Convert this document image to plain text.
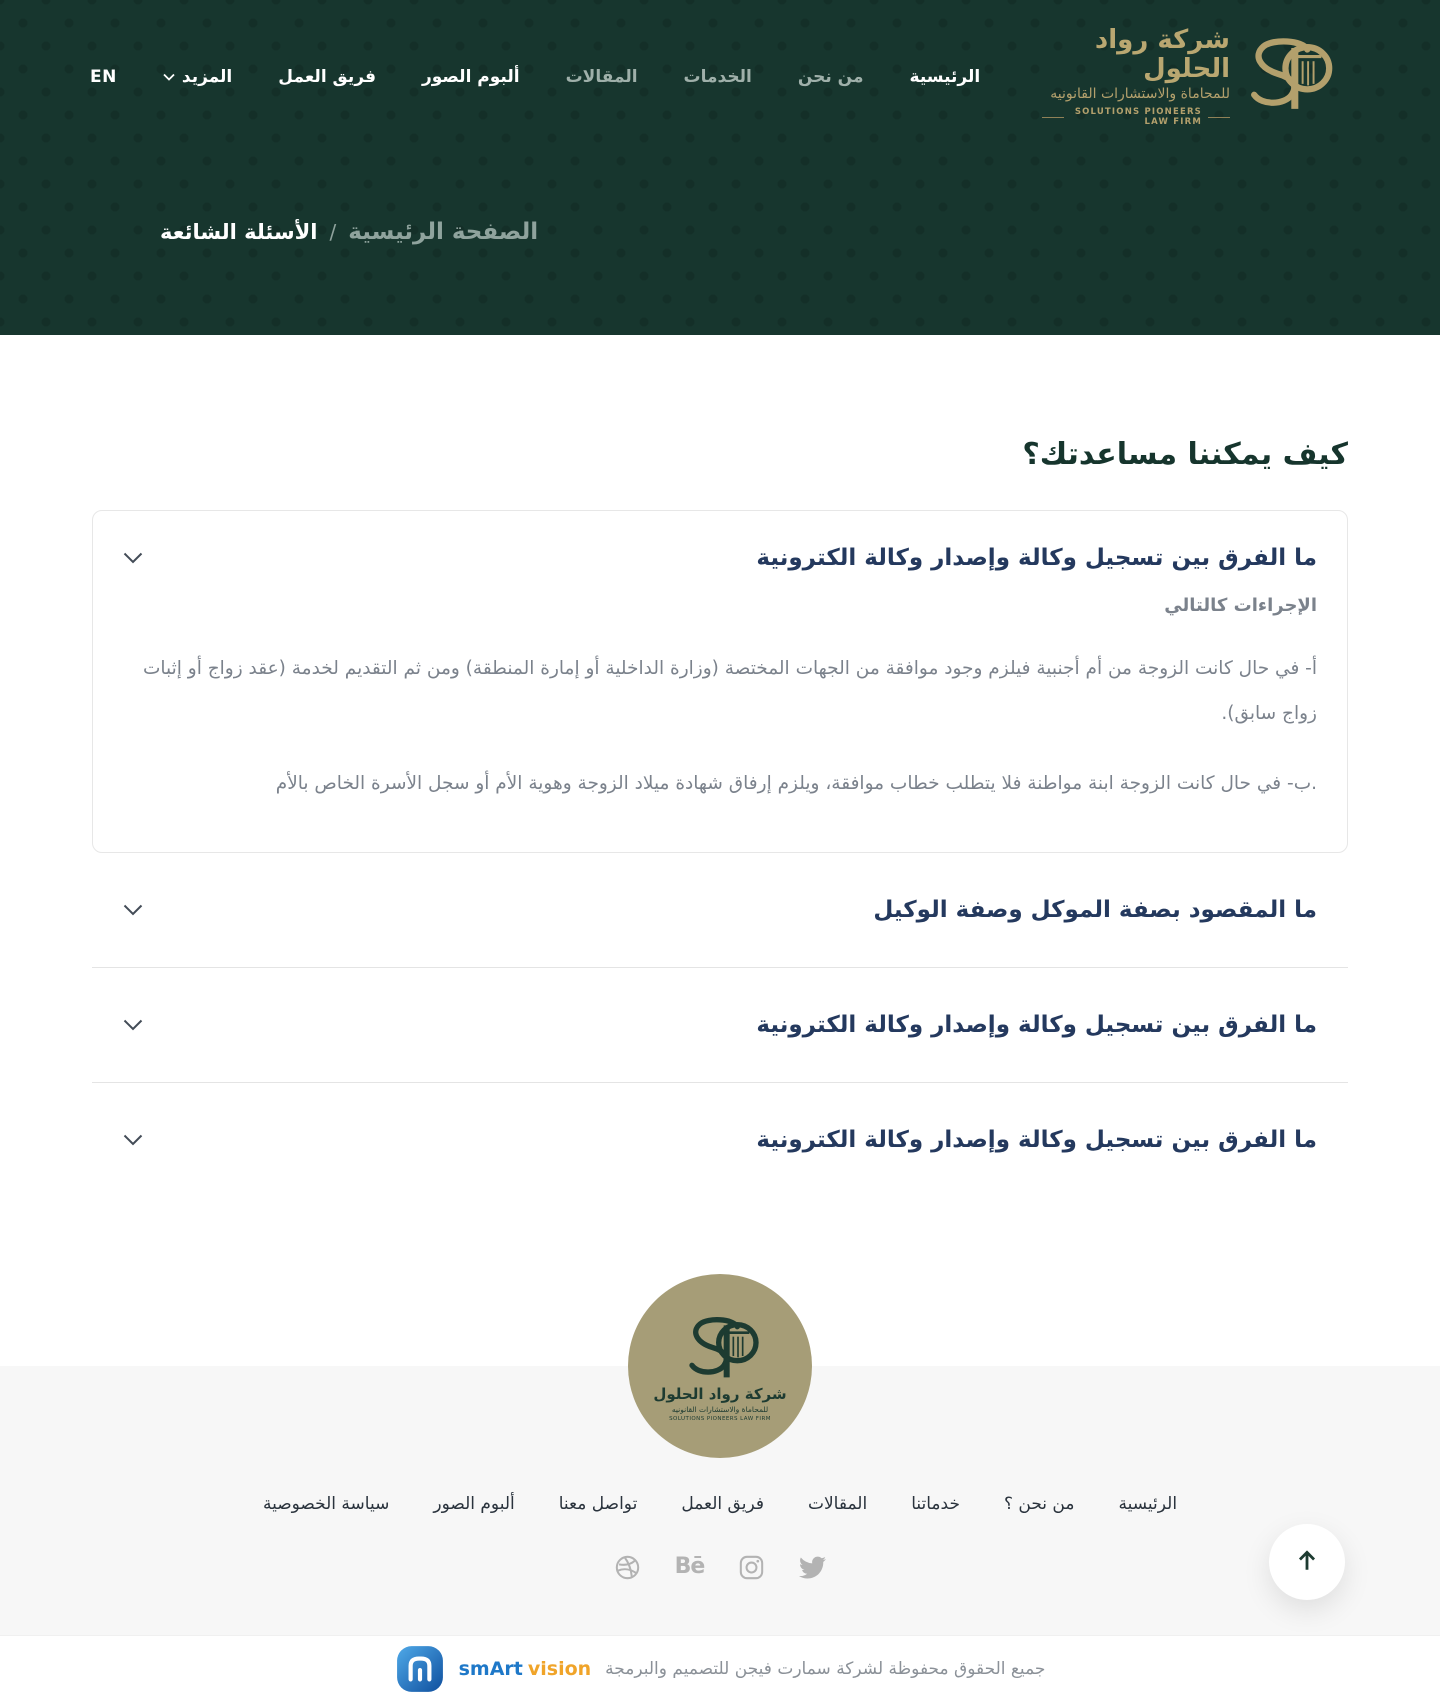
شركة رواد الحلول
للمحاماة والاستشارات القانونيه
SOLUTIONS PIONEERS LAW FIRM
الرئيسية
من نحن
الخدمات
المقالات
ألبوم الصور
فريق العمل
المزيد
EN
الصفحة الرئيسية
/
الأسئلة الشائعة
كيف يمكننا مساعدتك؟
ما الفرق بين تسجيل وكالة وإصدار وكالة الكترونية

الإجراءات كالتالي

أ- في حال كانت الزوجة من أم أجنبية فيلزم وجود موافقة من الجهات المختصة (وزارة الداخلية أو إمارة المنطقة) ومن ثم التقديم لخدمة (عقد زواج أو إثبات زواج سابق).

.ب- في حال كانت الزوجة ابنة مواطنة فلا يتطلب خطاب موافقة، ويلزم إرفاق شهادة ميلاد الزوجة وهوية الأم أو سجل الأسرة الخاص بالأم

ما المقصود بصفة الموكل وصفة الوكيل
ما الفرق بين تسجيل وكالة وإصدار وكالة الكترونية
ما الفرق بين تسجيل وكالة وإصدار وكالة الكترونية
شركة رواد الحلول
للمحاماة والاستشارات القانونيه
SOLUTIONS PIONEERS LAW FIRM
الرئيسية
من نحن ؟
خدماتنا
المقالات
فريق العمل
تواصل معنا
ألبوم الصور
سياسة الخصوصية
Bē
جميع الحقوق محفوظة لشركة سمارت فيجن للتصميم والبرمجة
smArt vision
